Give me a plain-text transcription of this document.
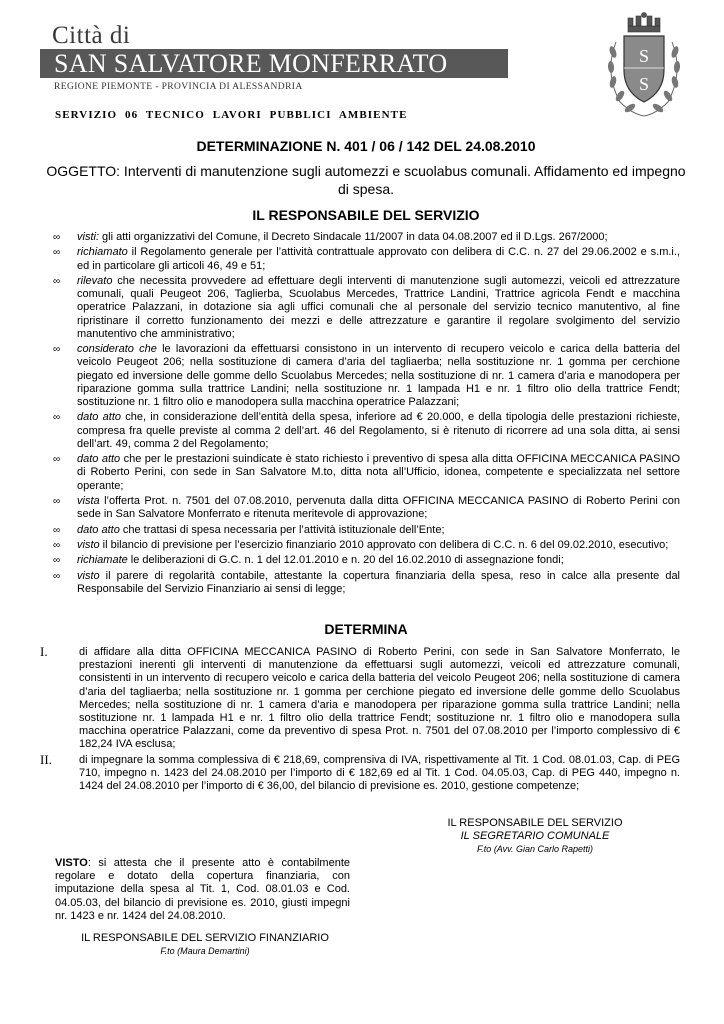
Città di
SAN SALVATORE MONFERRATO
REGIONE PIEMONTE - PROVINCIA DI ALESSANDRIA
S
S
SERVIZIO 06 TECNICO LAVORI PUBBLICI AMBIENTE
DETERMINAZIONE N. 401 / 06 / 142 DEL 24.08.2010
OGGETTO: Interventi di manutenzione sugli automezzi e scuolabus comunali. Affidamento ed impegno di spesa.
IL RESPONSABILE DEL SERVIZIO
∞ visti: gli atti organizzativi del Comune, il Decreto Sindacale 11/2007 in data 04.08.2007 ed il D.Lgs. 267/2000;
∞ richiamato il Regolamento generale per l’attività contrattuale approvato con delibera di C.C. n. 27 del 29.06.2002 e s.m.i., ed in particolare gli articoli 46, 49 e 51;
∞ rilevato che necessita provvedere ad effettuare degli interventi di manutenzione sugli automezzi, veicoli ed attrezzature comunali, quali Peugeot 206, Taglierba, Scuolabus Mercedes, Trattrice Landini, Trattrice agricola Fendt e macchina operatrice Palazzani, in dotazione sia agli uffici comunali che al personale del servizio tecnico manutentivo, al fine ripristinare il corretto funzionamento dei mezzi e delle attrezzature e garantire il regolare svolgimento del servizio manutentivo che amministrativo;
∞ considerato che le lavorazioni da effettuarsi consistono in un intervento di recupero veicolo e carica della batteria del veicolo Peugeot 206; nella sostituzione di camera d’aria del tagliaerba; nella sostituzione nr. 1 gomma per cerchione piegato ed inversione delle gomme dello Scuolabus Mercedes; nella sostituzione di nr. 1 camera d’aria e manodopera per riparazione gomma sulla trattrice Landini; nella sostituzione nr. 1 lampada H1 e nr. 1 filtro olio della trattrice Fendt; sostituzione nr. 1 filtro olio e manodopera sulla macchina operatrice Palazzani;
∞ dato atto che, in considerazione dell’entità della spesa, inferiore ad € 20.000, e della tipologia delle prestazioni richieste, compresa fra quelle previste al comma 2 dell’art. 46 del Regolamento, si è ritenuto di ricorrere ad una sola ditta, ai sensi dell’art. 49, comma 2 del Regolamento;
∞ dato atto che per le prestazioni suindicate è stato richiesto i preventivo di spesa alla ditta OFFICINA MECCANICA PASINO di Roberto Perini, con sede in San Salvatore M.to, ditta nota all’Ufficio, idonea, competente e specializzata nel settore operante;
∞ vista l’offerta Prot. n. 7501 del 07.08.2010, pervenuta dalla ditta OFFICINA MECCANICA PASINO di Roberto Perini con sede in San Salvatore Monferrato e ritenuta meritevole di approvazione;
∞ dato atto che trattasi di spesa necessaria per l’attività istituzionale dell’Ente;
∞ visto il bilancio di previsione per l’esercizio finanziario 2010 approvato con delibera di C.C. n. 6 del 09.02.2010, esecutivo;
∞ richiamate le deliberazioni di G.C. n. 1 del 12.01.2010 e n. 20 del 16.02.2010 di assegnazione fondi;
∞ visto il parere di regolarità contabile, attestante la copertura finanziaria della spesa, reso in calce alla presente dal Responsabile del Servizio Finanziario ai sensi di legge;
DETERMINA
I.	di affidare alla ditta OFFICINA MECCANICA PASINO di Roberto Perini, con sede in San Salvatore Monferrato, le prestazioni inerenti gli interventi di manutenzione da effettuarsi sugli automezzi, veicoli ed attrezzature comunali, consistenti in un intervento di recupero veicolo e carica della batteria del veicolo Peugeot 206; nella sostituzione di camera d’aria del tagliaerba; nella sostituzione nr. 1 gomma per cerchione piegato ed inversione delle gomme dello Scuolabus Mercedes; nella sostituzione di nr. 1 camera d’aria e manodopera per riparazione gomma sulla trattrice Landini; nella sostituzione nr. 1 lampada H1 e nr. 1 filtro olio della trattrice Fendt; sostituzione nr. 1 filtro olio e manodopera sulla macchina operatrice Palazzani, come da preventivo di spesa Prot. n. 7501 del 07.08.2010 per l’importo complessivo di € 182,24 IVA esclusa;
II. di impegnare la somma complessiva di € 218,69, comprensiva di IVA, rispettivamente al Tit. 1 Cod. 08.01.03, Cap. di PEG 710, impegno n. 1423 del 24.08.2010 per l’importo di € 182,69 ed al Tit. 1 Cod. 04.05.03, Cap. di PEG 440, impegno n. 1424 del 24.08.2010 per l’importo di € 36,00, del bilancio di previsione es. 2010, gestione competenze;
IL RESPONSABILE DEL SERVIZIO
IL SEGRETARIO COMUNALE
F.to (Avv. Gian Carlo Rapetti)
VISTO: si attesta che il presente atto è contabilmente regolare e dotato della copertura finanziaria, con imputazione della spesa al Tit. 1, Cod. 08.01.03 e Cod. 04.05.03, del bilancio di previsione es. 2010, giusti impegni nr. 1423 e nr. 1424 del 24.08.2010.
IL RESPONSABILE DEL SERVIZIO FINANZIARIO
F.to (Maura Demartini)
